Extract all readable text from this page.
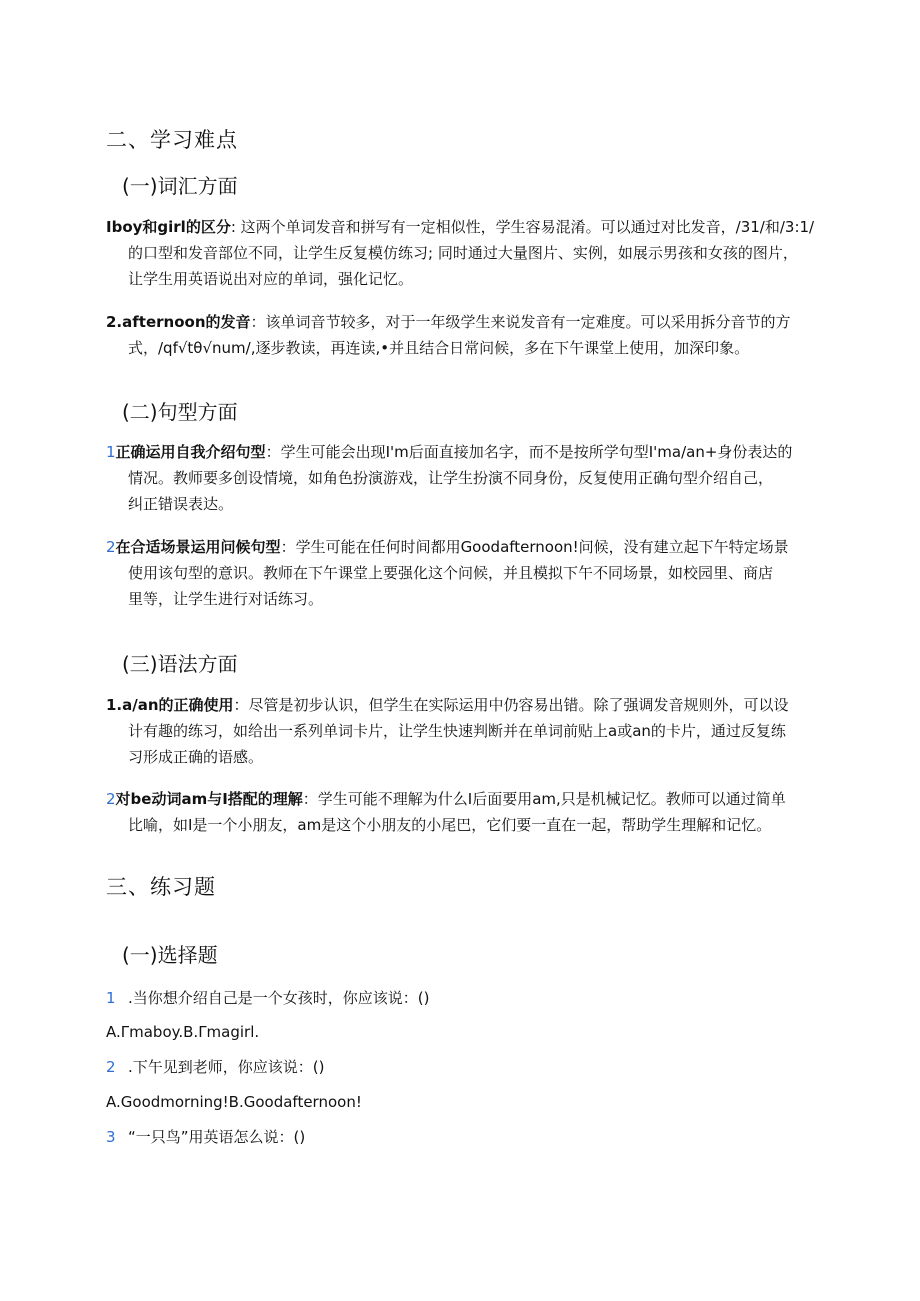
二、学习难点
(一)词汇方面
Iboy和girl的区分: 这两个单词发音和拼写有一定相似性，学生容易混淆。可以通过对比发音，/31/和/3:1/
的口型和发音部位不同，让学生反复模仿练习; 同时通过大量图片、实例，如展示男孩和女孩的图片，
让学生用英语说出对应的单词，强化记忆。
2.afternoon的发音：该单词音节较多，对于一年级学生来说发音有一定难度。可以采用拆分音节的方
式，/qf√tθ√num/,逐步教读，再连读,•并且结合日常问候，多在下午课堂上使用，加深印象。
(二)句型方面
1正确运用自我介绍句型：学生可能会出现I'm后面直接加名字，而不是按所学句型I'ma/an+身份表达的
情况。教师要多创设情境，如角色扮演游戏，让学生扮演不同身份，反复使用正确句型介绍自己，
纠正错误表达。
2在合适场景运用问候句型：学生可能在任何时间都用Goodafternoon!问候，没有建立起下午特定场景
使用该句型的意识。教师在下午课堂上要强化这个问候，并且模拟下午不同场景，如校园里、商店
里等，让学生进行对话练习。
(三)语法方面
1.a/an的正确使用：尽管是初步认识，但学生在实际运用中仍容易出错。除了强调发音规则外，可以设
计有趣的练习，如给出一系列单词卡片，让学生快速判断并在单词前贴上a或an的卡片，通过反复练
习形成正确的语感。
2对be动词am与I搭配的理解：学生可能不理解为什么I后面要用am,只是机械记忆。教师可以通过简单
比喻，如I是一个小朋友，am是这个小朋友的小尾巴，它们要一直在一起，帮助学生理解和记忆。
三、练习题
(一)选择题
1 .当你想介绍自己是一个女孩时，你应该说：()
A.Γmaboy.B.Γmagirl.
2 .下午见到老师，你应该说：()
A.Goodmorning!B.Goodafternoon!
3 “一只鸟”用英语怎么说：()
